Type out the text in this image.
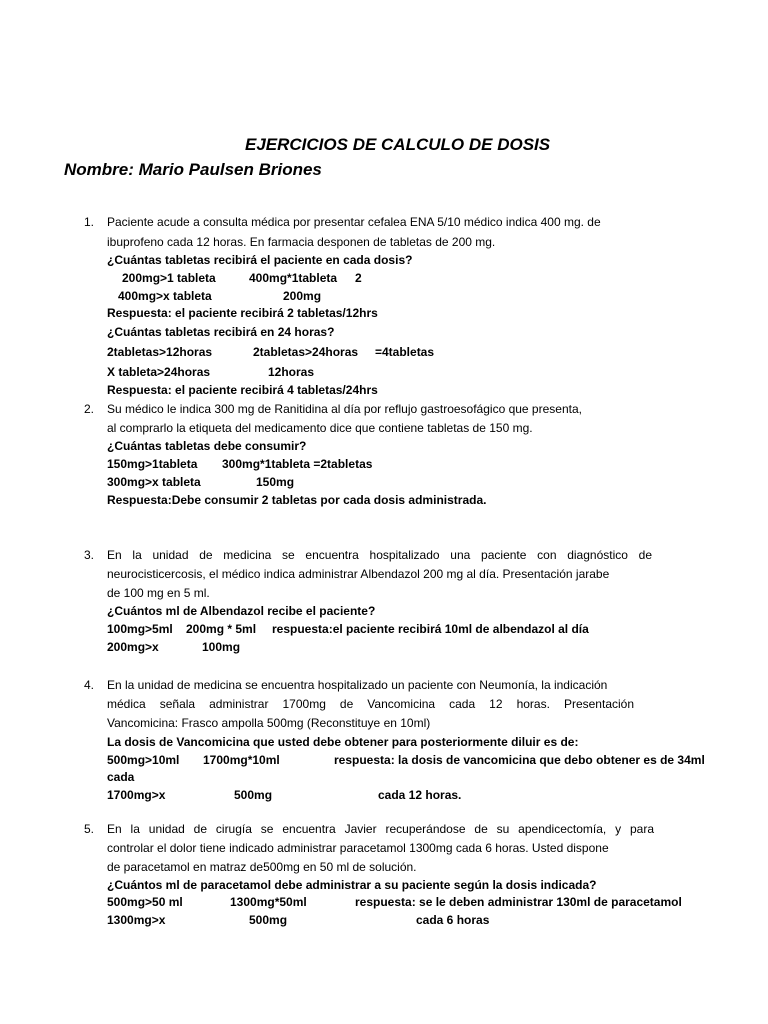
EJERCICIOS DE CALCULO DE DOSIS
Nombre: Mario Paulsen Briones
1. Paciente acude a consulta médica por presentar cefalea ENA 5/10 médico indica 400 mg. de
ibuprofeno cada 12 horas. En farmacia desponen de tabletas de 200 mg.
¿Cuántas tabletas recibirá el paciente en cada dosis?
200mg>1 tableta	400mg*1tableta 2
400mg>x tableta	200mg
Respuesta: el paciente recibirá 2 tabletas/12hrs
¿Cuántas tabletas recibirá en 24 horas?
2tabletas>12horas	2tabletas>24horas =4tabletas
X tableta>24horas	12horas
Respuesta: el paciente recibirá 4 tabletas/24hrs
2. Su médico le indica 300 mg de Ranitidina al día por reflujo gastroesofágico que presenta,
al comprarlo la etiqueta del medicamento dice que contiene tabletas de 150 mg.
¿Cuántas tabletas debe consumir?
150mg>1tableta 300mg*1tableta =2tabletas
300mg>x tableta	150mg
Respuesta:Debe consumir 2 tabletas por cada dosis administrada.
3. En la unidad de medicina se encuentra hospitalizado una paciente con diagnóstico de
neurocisticercosis, el médico indica administrar Albendazol 200 mg al día. Presentación jarabe
de 100 mg en 5 ml.
¿Cuántos ml de Albendazol recibe el paciente?
100mg>5ml 200mg * 5ml respuesta:el paciente recibirá 10ml de albendazol al día
200mg>x	100mg
4. En la unidad de medicina se encuentra hospitalizado un paciente con Neumonía, la indicación
médica señala administrar 1700mg de Vancomicina cada 12 horas. Presentación
Vancomicina: Frasco ampolla 500mg (Reconstituye en 10ml)
La dosis de Vancomicina que usted debe obtener para posteriormente diluir es de:
500mg>10ml 1700mg*10ml	respuesta: la dosis de vancomicina que debo obtener es de 34ml
cada
1700mg>x	500mg	cada 12 horas.
5. En la unidad de cirugía se encuentra Javier recuperándose de su apendicectomía, y para
controlar el dolor tiene indicado administrar paracetamol 1300mg cada 6 horas. Usted dispone
de paracetamol en matraz de500mg en 50 ml de solución.
¿Cuántos ml de paracetamol debe administrar a su paciente según la dosis indicada?
500mg>50 ml	1300mg*50ml	respuesta: se le deben administrar 130ml de paracetamol
1300mg>x	500mg	cada 6 horas
